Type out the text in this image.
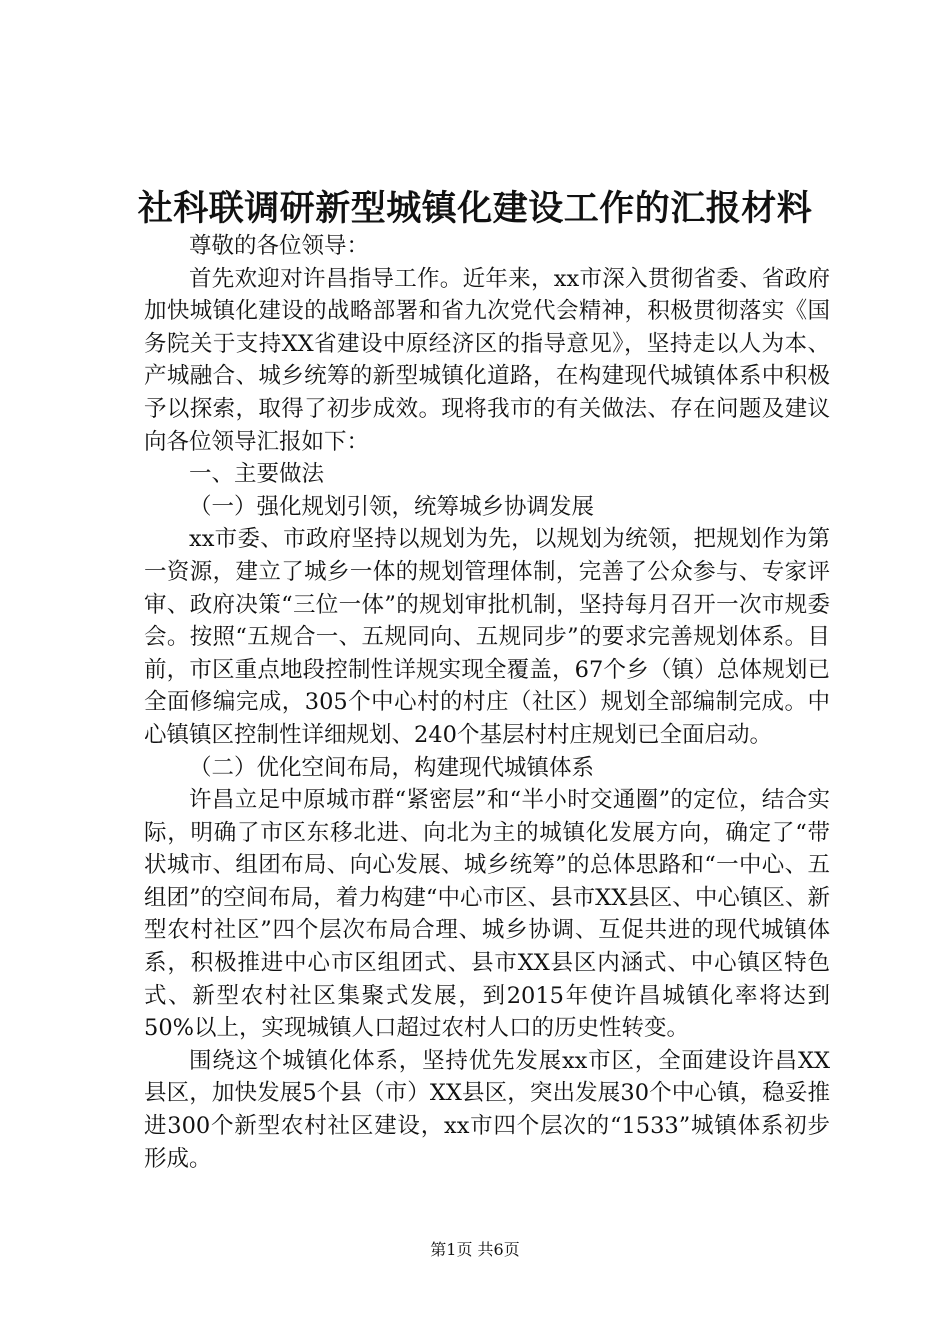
社科联调研新型城镇化建设工作的汇报材料

尊敬的各位领导：

首先欢迎对许昌指导工作。近年来，xx市深入贯彻省委、省政府加快城镇化建设的战略部署和省九次党代会精神，积极贯彻落实《国务院关于支持XX省建设中原经济区的指导意见》，坚持走以人为本、产城融合、城乡统筹的新型城镇化道路，在构建现代城镇体系中积极予以探索，取得了初步成效。现将我市的有关做法、存在问题及建议向各位领导汇报如下：

一、主要做法

（一）强化规划引领，统筹城乡协调发展

xx市委、市政府坚持以规划为先，以规划为统领，把规划作为第一资源，建立了城乡一体的规划管理体制，完善了公众参与、专家评审、政府决策“三位一体”的规划审批机制，坚持每月召开一次市规委会。按照“五规合一、五规同向、五规同步”的要求完善规划体系。目前，市区重点地段控制性详规实现全覆盖，67个乡（镇）总体规划已全面修编完成，305个中心村的村庄（社区）规划全部编制完成。中心镇镇区控制性详细规划、240个基层村村庄规划已全面启动。

（二）优化空间布局，构建现代城镇体系

许昌立足中原城市群“紧密层”和“半小时交通圈”的定位，结合实际，明确了市区东移北进、向北为主的城镇化发展方向，确定了“带状城市、组团布局、向心发展、城乡统筹”的总体思路和“一中心、五组团”的空间布局，着力构建“中心市区、县市XX县区、中心镇区、新型农村社区”四个层次布局合理、城乡协调、互促共进的现代城镇体系，积极推进中心市区组团式、县市XX县区内涵式、中心镇区特色式、新型农村社区集聚式发展，到2015年使许昌城镇化率将达到50%以上，实现城镇人口超过农村人口的历史性转变。

围绕这个城镇化体系，坚持优先发展xx市区，全面建设许昌XX县区，加快发展5个县（市）XX县区，突出发展30个中心镇，稳妥推进300个新型农村社区建设，xx市四个层次的“1533”城镇体系初步形成。

第1页 共6页
